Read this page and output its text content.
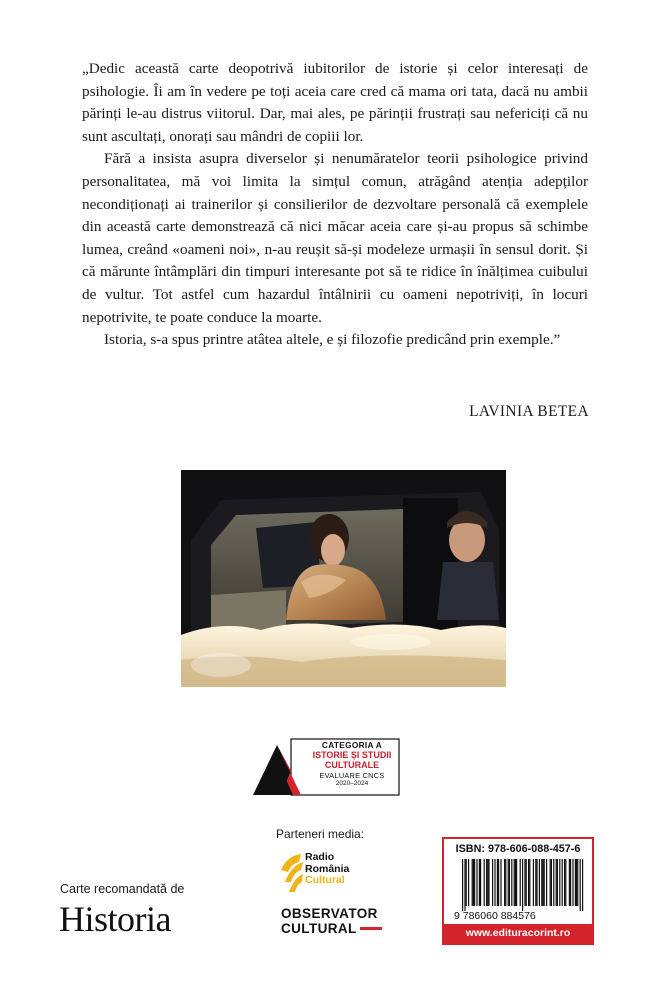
„Dedic această carte deopotrivă iubitorilor de istorie și celor interesați de psihologie. Îi am în vedere pe toți aceia care cred că mama ori tata, dacă nu ambii părinți le-au distrus viitorul. Dar, mai ales, pe părinții frustrați sau nefericiți că nu sunt ascultați, onorați sau mândri de copiii lor.

Fără a insista asupra diverselor și nenumăratelor teorii psihologice privind personalitatea, mă voi limita la simțul comun, atrăgând atenția adepților necondiționați ai trainerilor și consilierilor de dezvoltare personală că exemplele din această carte demonstrează că nici măcar aceia care și-au propus să schimbe lumea, creând «oameni noi», n-au reușit să-și modeleze urmașii în sensul dorit. Și că mărunte întâmplări din timpuri interesante pot să te ridice în înălțimea cuibului de vultur. Tot astfel cum hazardul întâlnirii cu oameni nepotriviți, în locuri nepotrivite, te poate conduce la moarte.

Istoria, s-a spus printre atâtea altele, e și filozofie predicând prin exemple.”

LAVINIA BETEA
CATEGORIA A
ISTORIE ȘI STUDII
CULTURALE
EVALUARE CNCS
2020–2024
Parteneri media:
Radio
România
Cultural
OBSERVATOR
CULTURAL
Carte recomandată de
Historia
ISBN: 978-606-088-457-6
9 786060 884576
www.edituracorint.ro
